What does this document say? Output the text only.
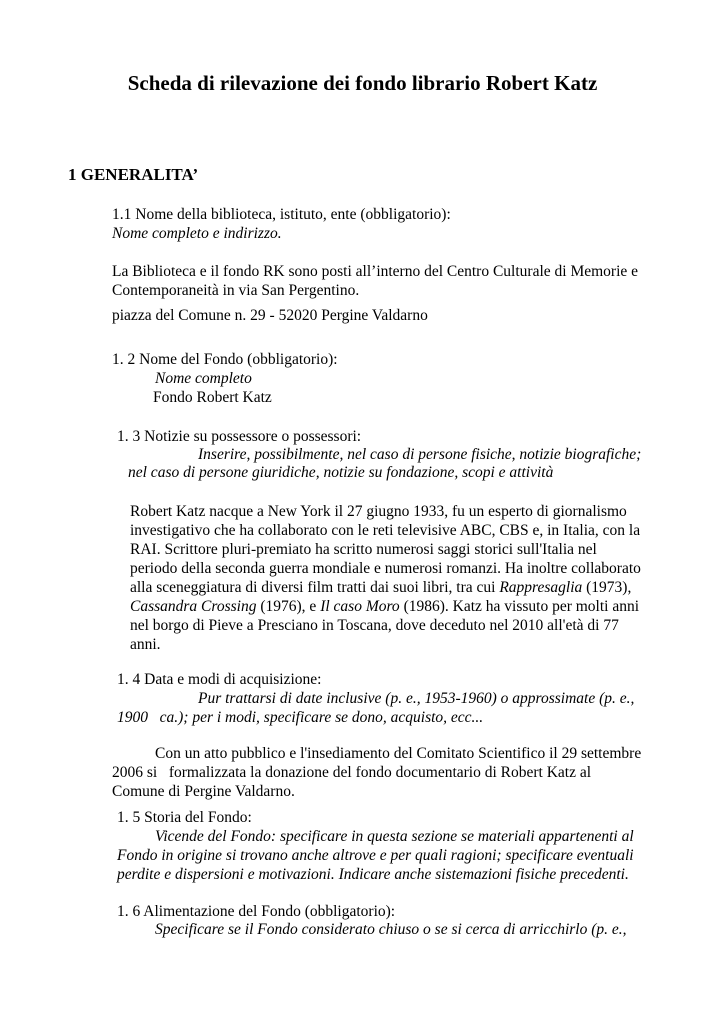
Scheda di rilevazione dei fondo librario Robert Katz
1 GENERALITA’
1.1 Nome della biblioteca, istituto, ente (obbligatorio):
Nome completo e indirizzo.
La Biblioteca e il fondo RK sono posti all’interno del Centro Culturale di Memorie e
Contemporaneità in via San Pergentino.
piazza del Comune n. 29 - 52020 Pergine Valdarno
1. 2 Nome del Fondo (obbligatorio):
Nome completo
Fondo Robert Katz
1. 3 Notizie su possessore o possessori:
Inserire, possibilmente, nel caso di persone fisiche, notizie biografiche;
nel caso di persone giuridiche, notizie su fondazione, scopi e attività
Robert Katz nacque a New York il 27 giugno 1933, fu un esperto di giornalismo
investigativo che ha collaborato con le reti televisive ABC, CBS e, in Italia, con la
RAI. Scrittore pluri-premiato ha scritto numerosi saggi storici sull'Italia nel
periodo della seconda guerra mondiale e numerosi romanzi. Ha inoltre collaborato
alla sceneggiatura di diversi film tratti dai suoi libri, tra cui Rappresaglia (1973),
Cassandra Crossing (1976), e Il caso Moro (1986). Katz ha vissuto per molti anni
nel borgo di Pieve a Presciano in Toscana, dove deceduto nel 2010 all'età di 77
anni.
1. 4 Data e modi di acquisizione:
Pur trattarsi di date inclusive (p. e., 1953-1960) o approssimate (p. e.,
1900   ca.); per i modi, specificare se dono, acquisto, ecc...
Con un atto pubblico e l'insediamento del Comitato Scientifico il 29 settembre
2006 si   formalizzata la donazione del fondo documentario di Robert Katz al
Comune di Pergine Valdarno.
1. 5 Storia del Fondo:
Vicende del Fondo: specificare in questa sezione se materiali appartenenti al
Fondo in origine si trovano anche altrove e per quali ragioni; specificare eventuali
perdite e dispersioni e motivazioni. Indicare anche sistemazioni fisiche precedenti.
1. 6 Alimentazione del Fondo (obbligatorio):
Specificare se il Fondo considerato chiuso o se si cerca di arricchirlo (p. e.,
